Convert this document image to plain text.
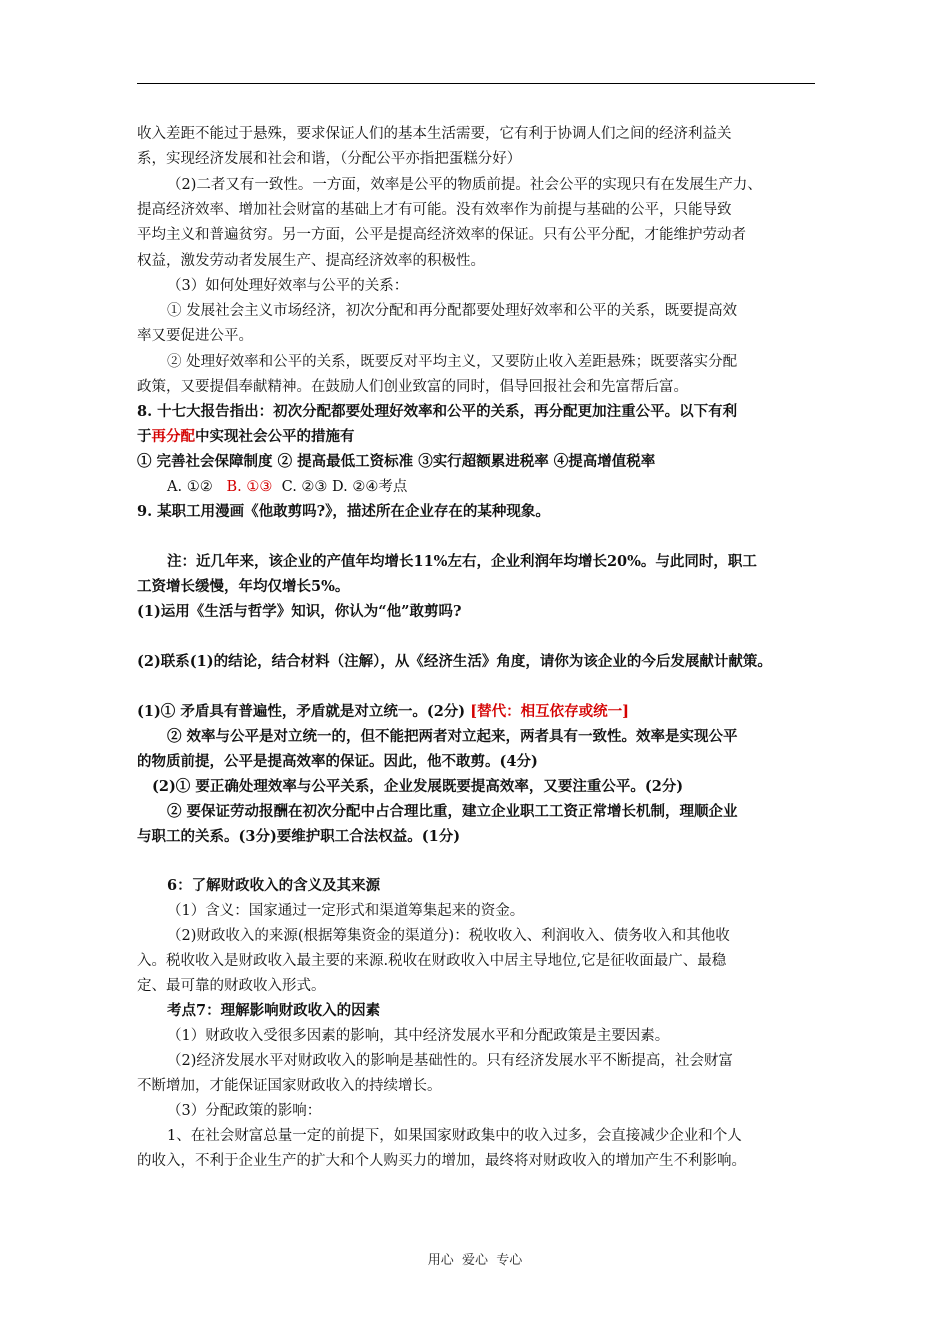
收入差距不能过于悬殊，要求保证人们的基本生活需要，它有利于协调人们之间的经济利益关
系，实现经济发展和社会和谐，（分配公平亦指把蛋糕分好）
（2)二者又有一致性。一方面，效率是公平的物质前提。社会公平的实现只有在发展生产力、
提高经济效率、增加社会财富的基础上才有可能。没有效率作为前提与基础的公平，只能导致
平均主义和普遍贫穷。另一方面，公平是提高经济效率的保证。只有公平分配，才能维护劳动者
权益，激发劳动者发展生产、提高经济效率的积极性。
（3）如何处理好效率与公平的关系：
① 发展社会主义市场经济，初次分配和再分配都要处理好效率和公平的关系，既要提高效
率又要促进公平。
② 处理好效率和公平的关系，既要反对平均主义，又要防止收入差距悬殊；既要落实分配
政策，又要提倡奉献精神。在鼓励人们创业致富的同时，倡导回报社会和先富帮后富。
8. 十七大报告指出：初次分配都要处理好效率和公平的关系，再分配更加注重公平。以下有利
于再分配中实现社会公平的措施有
① 完善社会保障制度 ② 提高最低工资标准 ③实行超额累进税率 ④提高增值税率
A. ①② B. ①③ C. ②③ D. ②④考点
9. 某职工用漫画《他敢剪吗?》，描述所在企业存在的某种现象。
注：近几年来，该企业的产值年均增长11%左右，企业利润年均增长20%。与此同时，职工
工资增长缓慢，年均仅增长5%。
(1)运用《生活与哲学》知识，你认为“他”敢剪吗?
(2)联系(1)的结论，结合材料（注解），从《经济生活》角度，请你为该企业的今后发展献计献策。
(1)① 矛盾具有普遍性，矛盾就是对立统一。(2分) [替代：相互依存或统一]
② 效率与公平是对立统一的，但不能把两者对立起来，两者具有一致性。效率是实现公平
的物质前提，公平是提高效率的保证。因此，他不敢剪。(4分)
(2)① 要正确处理效率与公平关系，企业发展既要提高效率，又要注重公平。(2分)
② 要保证劳动报酬在初次分配中占合理比重，建立企业职工工资正常增长机制，理顺企业
与职工的关系。(3分)要维护职工合法权益。(1分)
6：了解财政收入的含义及其来源
（1）含义：国家通过一定形式和渠道筹集起来的资金。
（2)财政收入的来源(根据筹集资金的渠道分)：税收收入、利润收入、债务收入和其他收
入。税收收入是财政收入最主要的来源.税收在财政收入中居主导地位,它是征收面最广、最稳
定、最可靠的财政收入形式。
考点7：理解影响财政收入的因素
（1）财政收入受很多因素的影响，其中经济发展水平和分配政策是主要因素。
（2)经济发展水平对财政收入的影响是基础性的。只有经济发展水平不断提高，社会财富
不断增加，才能保证国家财政收入的持续增长。
（3）分配政策的影响：
1、在社会财富总量一定的前提下，如果国家财政集中的收入过多，会直接减少企业和个人
的收入，不利于企业生产的扩大和个人购买力的增加，最终将对财政收入的增加产生不利影响。
用心  爱心  专心
